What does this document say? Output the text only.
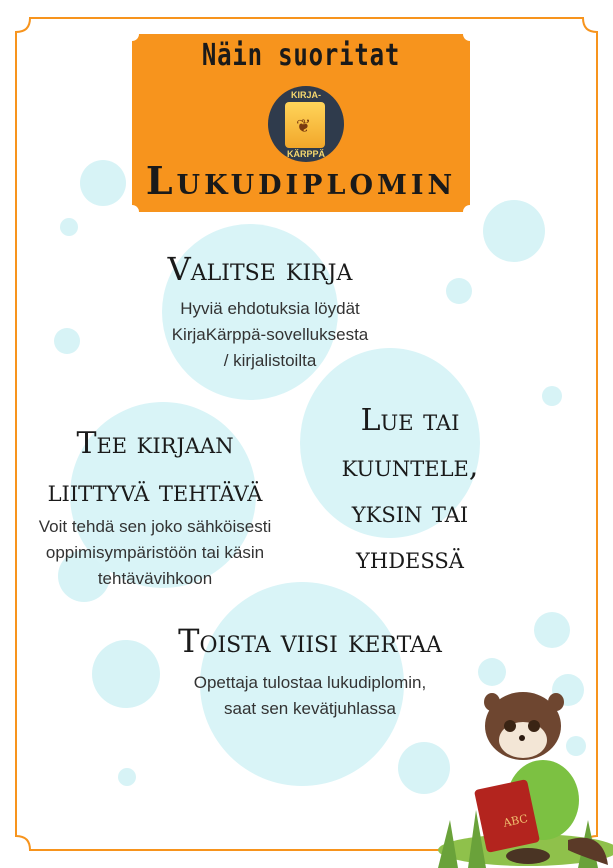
Näin suoritat
KIRJA-
❦
KÄRPPÄ
Lukudiplomin
Valitse kirja
Hyviä ehdotuksia löydät
KirjaKärppä-sovelluksesta
/ kirjalistoilta
Lue tai kuuntele,
yksin tai yhdessä
Tee kirjaan
liittyvä tehtävä
Voit tehdä sen joko sähköisesti
oppimisympäristöön tai käsin
tehtävävihkoon
Toista viisi kertaa
Opettaja tulostaa lukudiplomin,
saat sen kevätjuhlassa
ABC
